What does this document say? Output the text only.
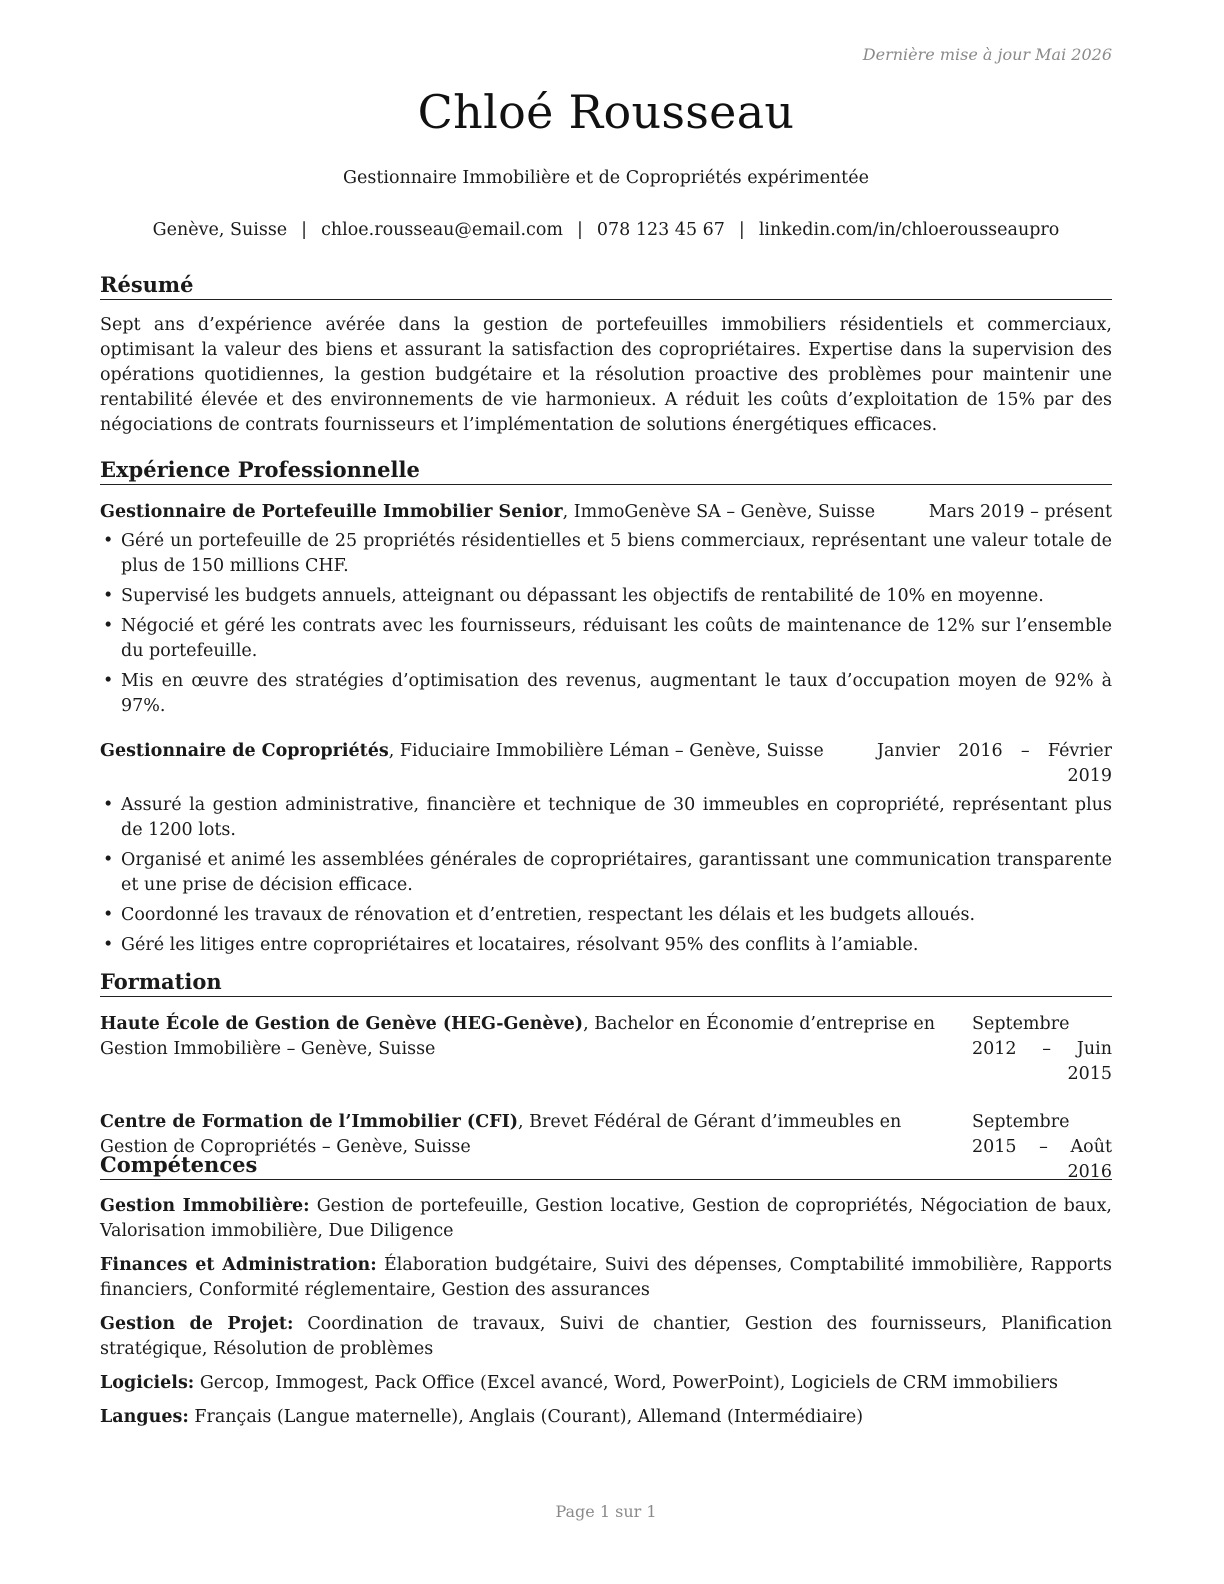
Dernière mise à jour Mai 2026
Chloé Rousseau
Gestionnaire Immobilière et de Copropriétés expérimentée
Genève, Suisse | chloe.rousseau@email.com | 078 123 45 67 | linkedin.com/in/chloerousseaupro
Résumé
Sept ans d’expérience avérée dans la gestion de portefeuilles immobiliers résidentiels et commerciaux, optimisant la valeur des biens et assurant la satisfaction des copropriétaires. Expertise dans la supervision des opérations quotidiennes, la gestion budgétaire et la résolution proactive des problèmes pour maintenir une rentabilité élevée et des environnements de vie harmonieux. A réduit les coûts d’exploitation de 15% par des négociations de contrats fournisseurs et l’implémentation de solutions énergétiques efficaces.
Expérience Professionnelle
Gestionnaire de Portefeuille Immobilier Senior, ImmoGenève SA – Genève, Suisse	Mars 2019 – présent
• Géré un portefeuille de 25 propriétés résidentielles et 5 biens commerciaux, représentant une valeur totale de plus de 150 millions CHF.
• Supervisé les budgets annuels, atteignant ou dépassant les objectifs de rentabilité de 10% en moyenne.
• Négocié et géré les contrats avec les fournisseurs, réduisant les coûts de maintenance de 12% sur l’ensemble du portefeuille.
• Mis en œuvre des stratégies d’optimisation des revenus, augmentant le taux d’occupation moyen de 92% à 97%.
Gestionnaire de Copropriétés, Fiduciaire Immobilière Léman – Genève, Suisse	Janvier 2016 – Février 2019
• Assuré la gestion administrative, financière et technique de 30 immeubles en copropriété, représentant plus de 1200 lots.
• Organisé et animé les assemblées générales de copropriétaires, garantissant une communication transparente et une prise de décision efficace.
• Coordonné les travaux de rénovation et d’entretien, respectant les délais et les budgets alloués.
• Géré les litiges entre copropriétaires et locataires, résolvant 95% des conflits à l’amiable.
Formation
Haute École de Gestion de Genève (HEG-Genève), Bachelor en Économie d’entreprise en Gestion Immobilière – Genève, Suisse
Septembre 2012 – Juin 2015
Centre de Formation de l’Immobilier (CFI), Brevet Fédéral de Gérant d’immeubles en Gestion de Copropriétés – Genève, Suisse
Septembre 2015 – Août 2016
Compétences
Gestion Immobilière: Gestion de portefeuille, Gestion locative, Gestion de copropriétés, Négociation de baux, Valorisation immobilière, Due Diligence
Finances et Administration: Élaboration budgétaire, Suivi des dépenses, Comptabilité immobilière, Rapports financiers, Conformité réglementaire, Gestion des assurances
Gestion de Projet: Coordination de travaux, Suivi de chantier, Gestion des fournisseurs, Planification stratégique, Résolution de problèmes
Logiciels: Gercop, Immogest, Pack Office (Excel avancé, Word, PowerPoint), Logiciels de CRM immobiliers
Langues: Français (Langue maternelle), Anglais (Courant), Allemand (Intermédiaire)
Page 1 sur 1
